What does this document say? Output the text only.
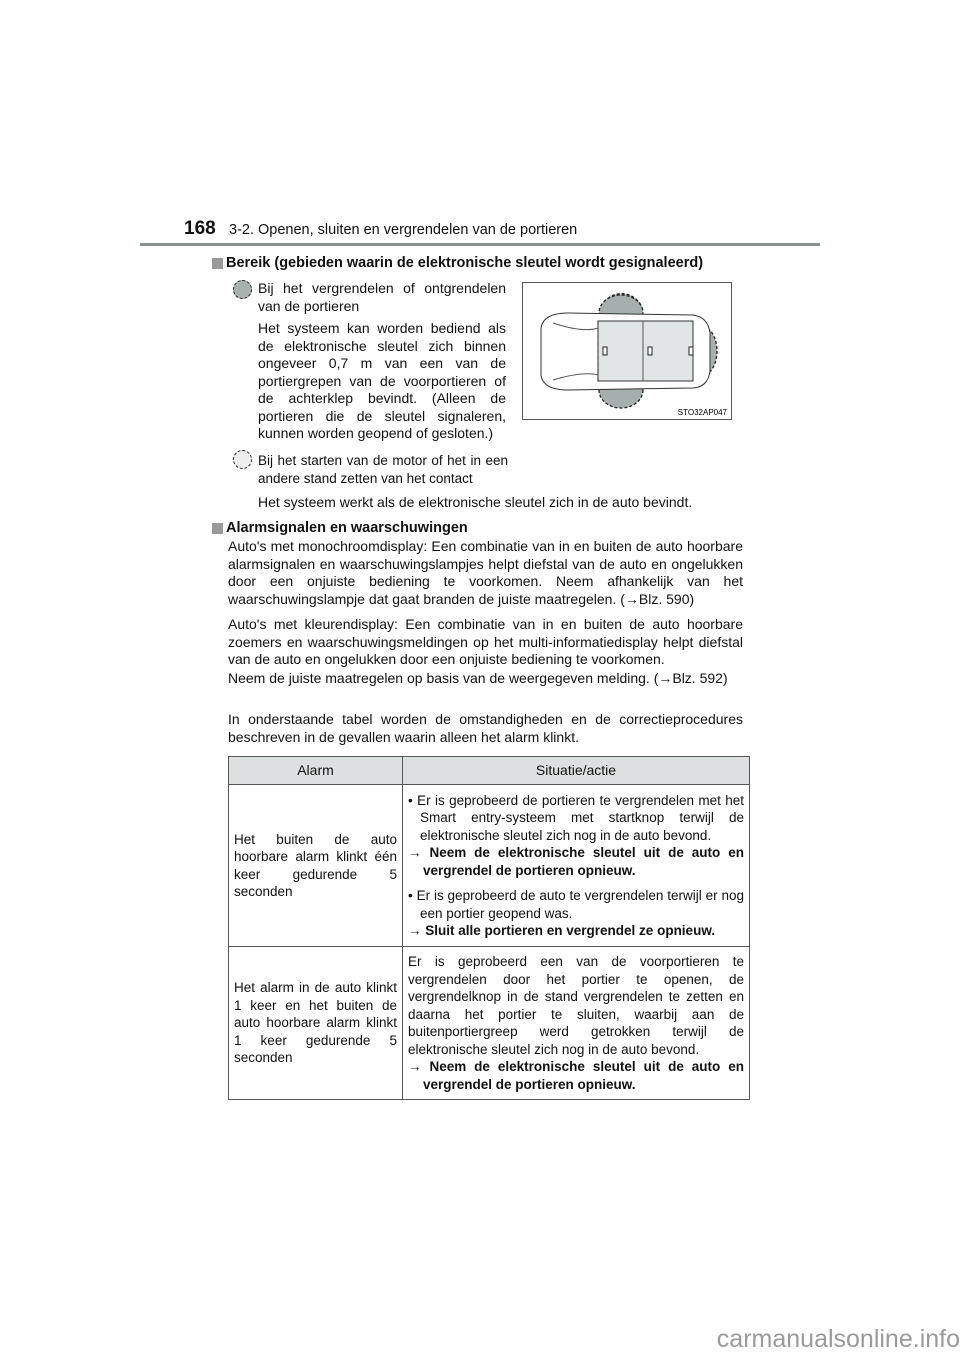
168 3-2. Openen, sluiten en vergrendelen van de portieren
Bereik (gebieden waarin de elektronische sleutel wordt gesignaleerd)
Bij het vergrendelen of ontgrendelen van de portieren
Het systeem kan worden bediend als de elektronische sleutel zich binnen ongeveer 0,7 m van een van de portiergrepen van de voorportieren of de achterklep bevindt. (Alleen de portieren die de sleutel signaleren, kunnen worden geopend of gesloten.)
Bij het starten van de motor of het in een andere stand zetten van het contact
Het systeem werkt als de elektronische sleutel zich in de auto bevindt.
STO32AP047
Alarmsignalen en waarschuwingen
Auto's met monochroomdisplay: Een combinatie van in en buiten de auto hoorbare alarmsignalen en waarschuwingslampjes helpt diefstal van de auto en ongelukken door een onjuiste bediening te voorkomen. Neem afhankelijk van het waarschuwingslampje dat gaat branden de juiste maatregelen. (→Blz. 590)
Auto's met kleurendisplay: Een combinatie van in en buiten de auto hoorbare zoemers en waarschuwingsmeldingen op het multi-informatiedisplay helpt diefstal van de auto en ongelukken door een onjuiste bediening te voorkomen.
Neem de juiste maatregelen op basis van de weergegeven melding. (→Blz. 592)
In onderstaande tabel worden de omstandigheden en de correctieprocedures beschreven in de gevallen waarin alleen het alarm klinkt.
Alarm	Situatie/actie
Het buiten de auto hoorbare alarm klinkt één keer gedurende 5 seconden	• Er is geprobeerd de portieren te vergrendelen met het Smart entry-systeem met startknop terwijl de elektronische sleutel zich nog in de auto bevond.
→ Neem de elektronische sleutel uit de auto en vergrendel de portieren opnieuw.
• Er is geprobeerd de auto te vergrendelen terwijl er nog een portier geopend was.
→ Sluit alle portieren en vergrendel ze opnieuw.

Het alarm in de auto klinkt 1 keer en het buiten de auto hoorbare alarm klinkt 1 keer gedurende 5 seconden	Er is geprobeerd een van de voorportieren te vergrendelen door het portier te openen, de vergrendelknop in de stand vergrendelen te zetten en daarna het portier te sluiten, waarbij aan de buitenportiergreep werd getrokken terwijl de elektronische sleutel zich nog in de auto bevond.
→ Neem de elektronische sleutel uit de auto en vergrendel de portieren opnieuw.
carmanualsonline.info
